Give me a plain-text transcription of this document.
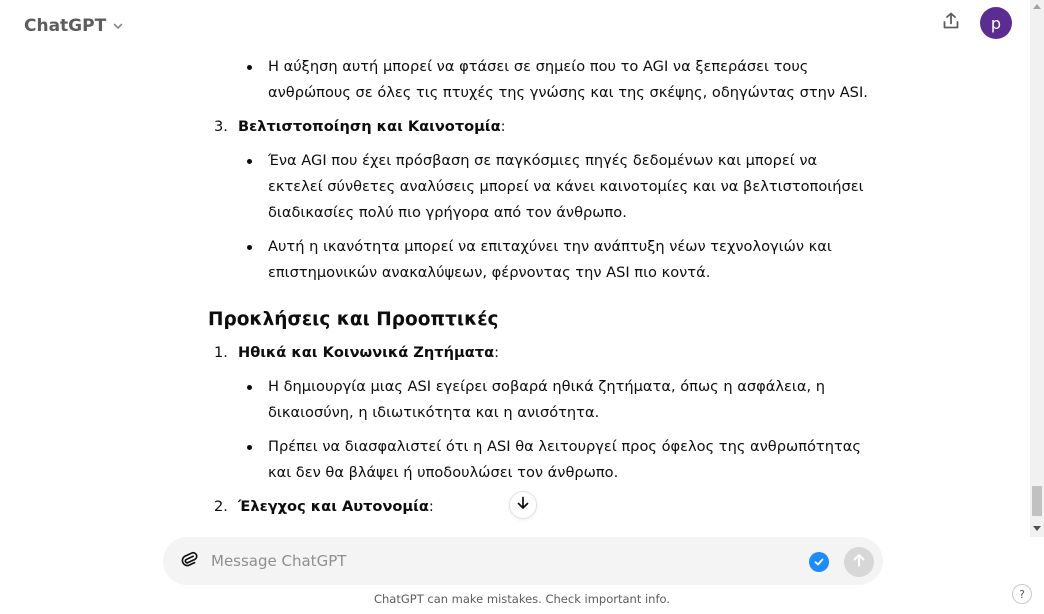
Η αύξηση αυτή μπορεί να φτάσει σε σημείο που το AGI να ξεπεράσει τους ανθρώπους σε όλες τις πτυχές της γνώσης και της σκέψης, οδηγώντας στην ASI.

3. Βελτιστοποίηση και Καινοτομία:

Ένα AGI που έχει πρόσβαση σε παγκόσμιες πηγές δεδομένων και μπορεί να εκτελεί σύνθετες αναλύσεις μπορεί να κάνει καινοτομίες και να βελτιστοποιήσει διαδικασίες πολύ πιο γρήγορα από τον άνθρωπο.

Αυτή η ικανότητα μπορεί να επιταχύνει την ανάπτυξη νέων τεχνολογιών και επιστημονικών ανακαλύψεων, φέρνοντας την ASI πιο κοντά.

Προκλήσεις και Προοπτικές
1. Ηθικά και Κοινωνικά Ζητήματα:

Η δημιουργία μιας ASI εγείρει σοβαρά ηθικά ζητήματα, όπως η ασφάλεια, η δικαιοσύνη, η ιδιωτικότητα και η ανισότητα.

Πρέπει να διασφαλιστεί ότι η ASI θα λειτουργεί προς όφελος της ανθρωπότητας και δεν θα βλάψει ή υποδουλώσει τον άνθρωπο.

2. Έλεγχος και Αυτονομία:
ChatGPT	p
Message ChatGPT
ChatGPT can make mistakes. Check important info.	?
